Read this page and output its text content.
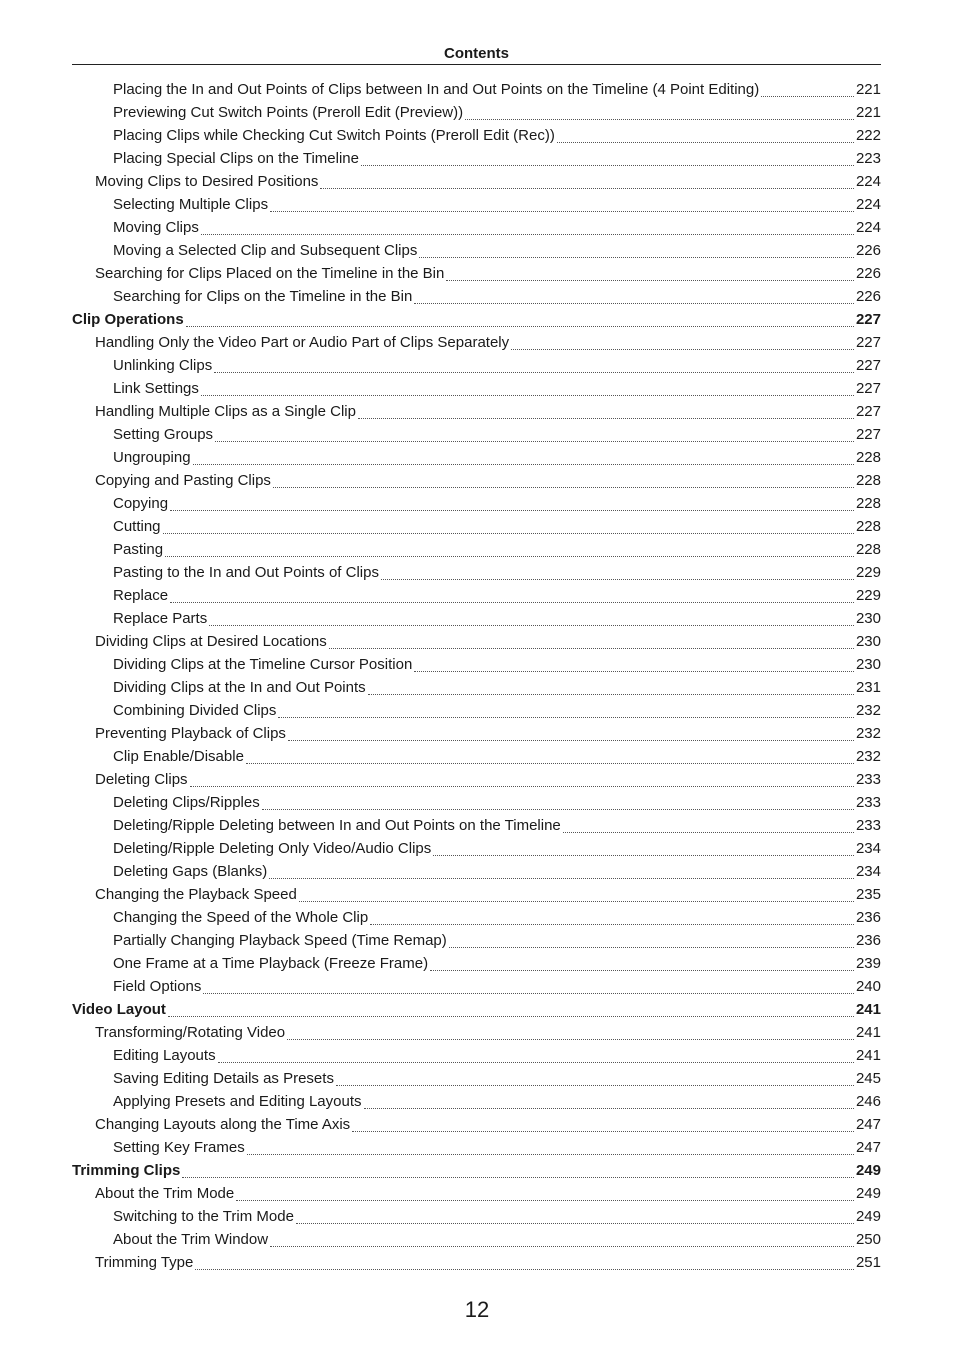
Contents
Placing the In and Out Points of Clips between In and Out Points on the Timeline (4 Point Editing)	221
Previewing Cut Switch Points (Preroll Edit (Preview))	221
Placing Clips while Checking Cut Switch Points (Preroll Edit (Rec))	222
Placing Special Clips on the Timeline	223
Moving Clips to Desired Positions	224
Selecting Multiple Clips	224
Moving Clips	224
Moving a Selected Clip and Subsequent Clips	226
Searching for Clips Placed on the Timeline in the Bin	226
Searching for Clips on the Timeline in the Bin	226
Clip Operations	227
Handling Only the Video Part or Audio Part of Clips Separately	227
Unlinking Clips	227
Link Settings	227
Handling Multiple Clips as a Single Clip	227
Setting Groups	227
Ungrouping	228
Copying and Pasting Clips	228
Copying	228
Cutting	228
Pasting	228
Pasting to the In and Out Points of Clips	229
Replace	229
Replace Parts	230
Dividing Clips at Desired Locations	230
Dividing Clips at the Timeline Cursor Position	230
Dividing Clips at the In and Out Points	231
Combining Divided Clips	232
Preventing Playback of Clips	232
Clip Enable/Disable	232
Deleting Clips	233
Deleting Clips/Ripples	233
Deleting/Ripple Deleting between In and Out Points on the Timeline	233
Deleting/Ripple Deleting Only Video/Audio Clips	234
Deleting Gaps (Blanks)	234
Changing the Playback Speed	235
Changing the Speed of the Whole Clip	236
Partially Changing Playback Speed (Time Remap)	236
One Frame at a Time Playback (Freeze Frame)	239
Field Options	240
Video Layout	241
Transforming/Rotating Video	241
Editing Layouts	241
Saving Editing Details as Presets	245
Applying Presets and Editing Layouts	246
Changing Layouts along the Time Axis	247
Setting Key Frames	247
Trimming Clips	249
About the Trim Mode	249
Switching to the Trim Mode	249
About the Trim Window	250
Trimming Type	251
12
